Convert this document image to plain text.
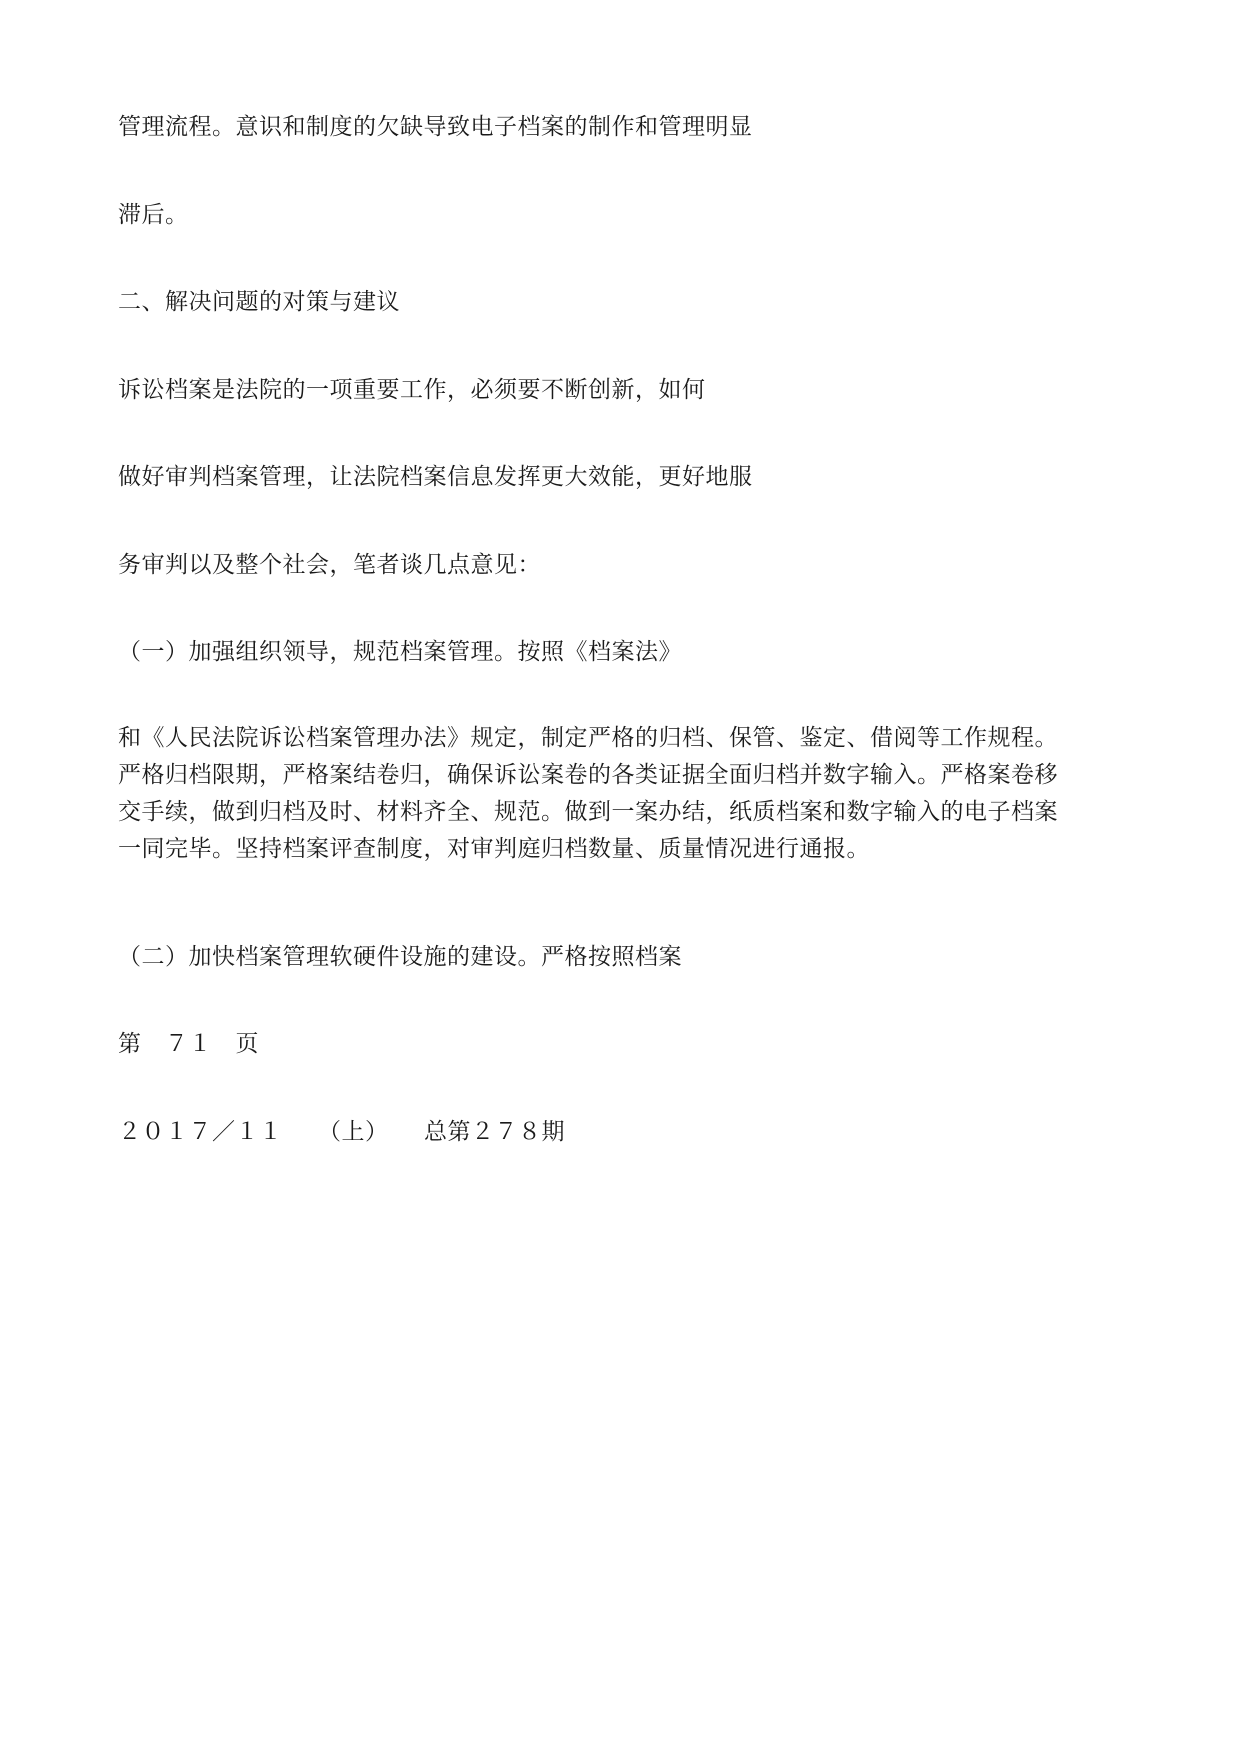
管理流程。意识和制度的欠缺导致电子档案的制作和管理明显
滞后。
二、解决问题的对策与建议
诉讼档案是法院的一项重要工作，必须要不断创新，如何
做好审判档案管理，让法院档案信息发挥更大效能，更好地服
务审判以及整个社会，笔者谈几点意见：
（一）加强组织领导，规范档案管理。按照《档案法》
和《人民法院诉讼档案管理办法》规定，制定严格的归档、保管、鉴定、借阅等工作规程。
严格归档限期，严格案结卷归，确保诉讼案卷的各类证据全面归档并数字输入。严格案卷移
交手续，做到归档及时、材料齐全、规范。做到一案办结，纸质档案和数字输入的电子档案
一同完毕。坚持档案评查制度，对审判庭归档数量、质量情况进行通报。
（二）加快档案管理软硬件设施的建设。严格按照档案
第　７１　页
２０１７／１１　　（上）　　总第２７８期
